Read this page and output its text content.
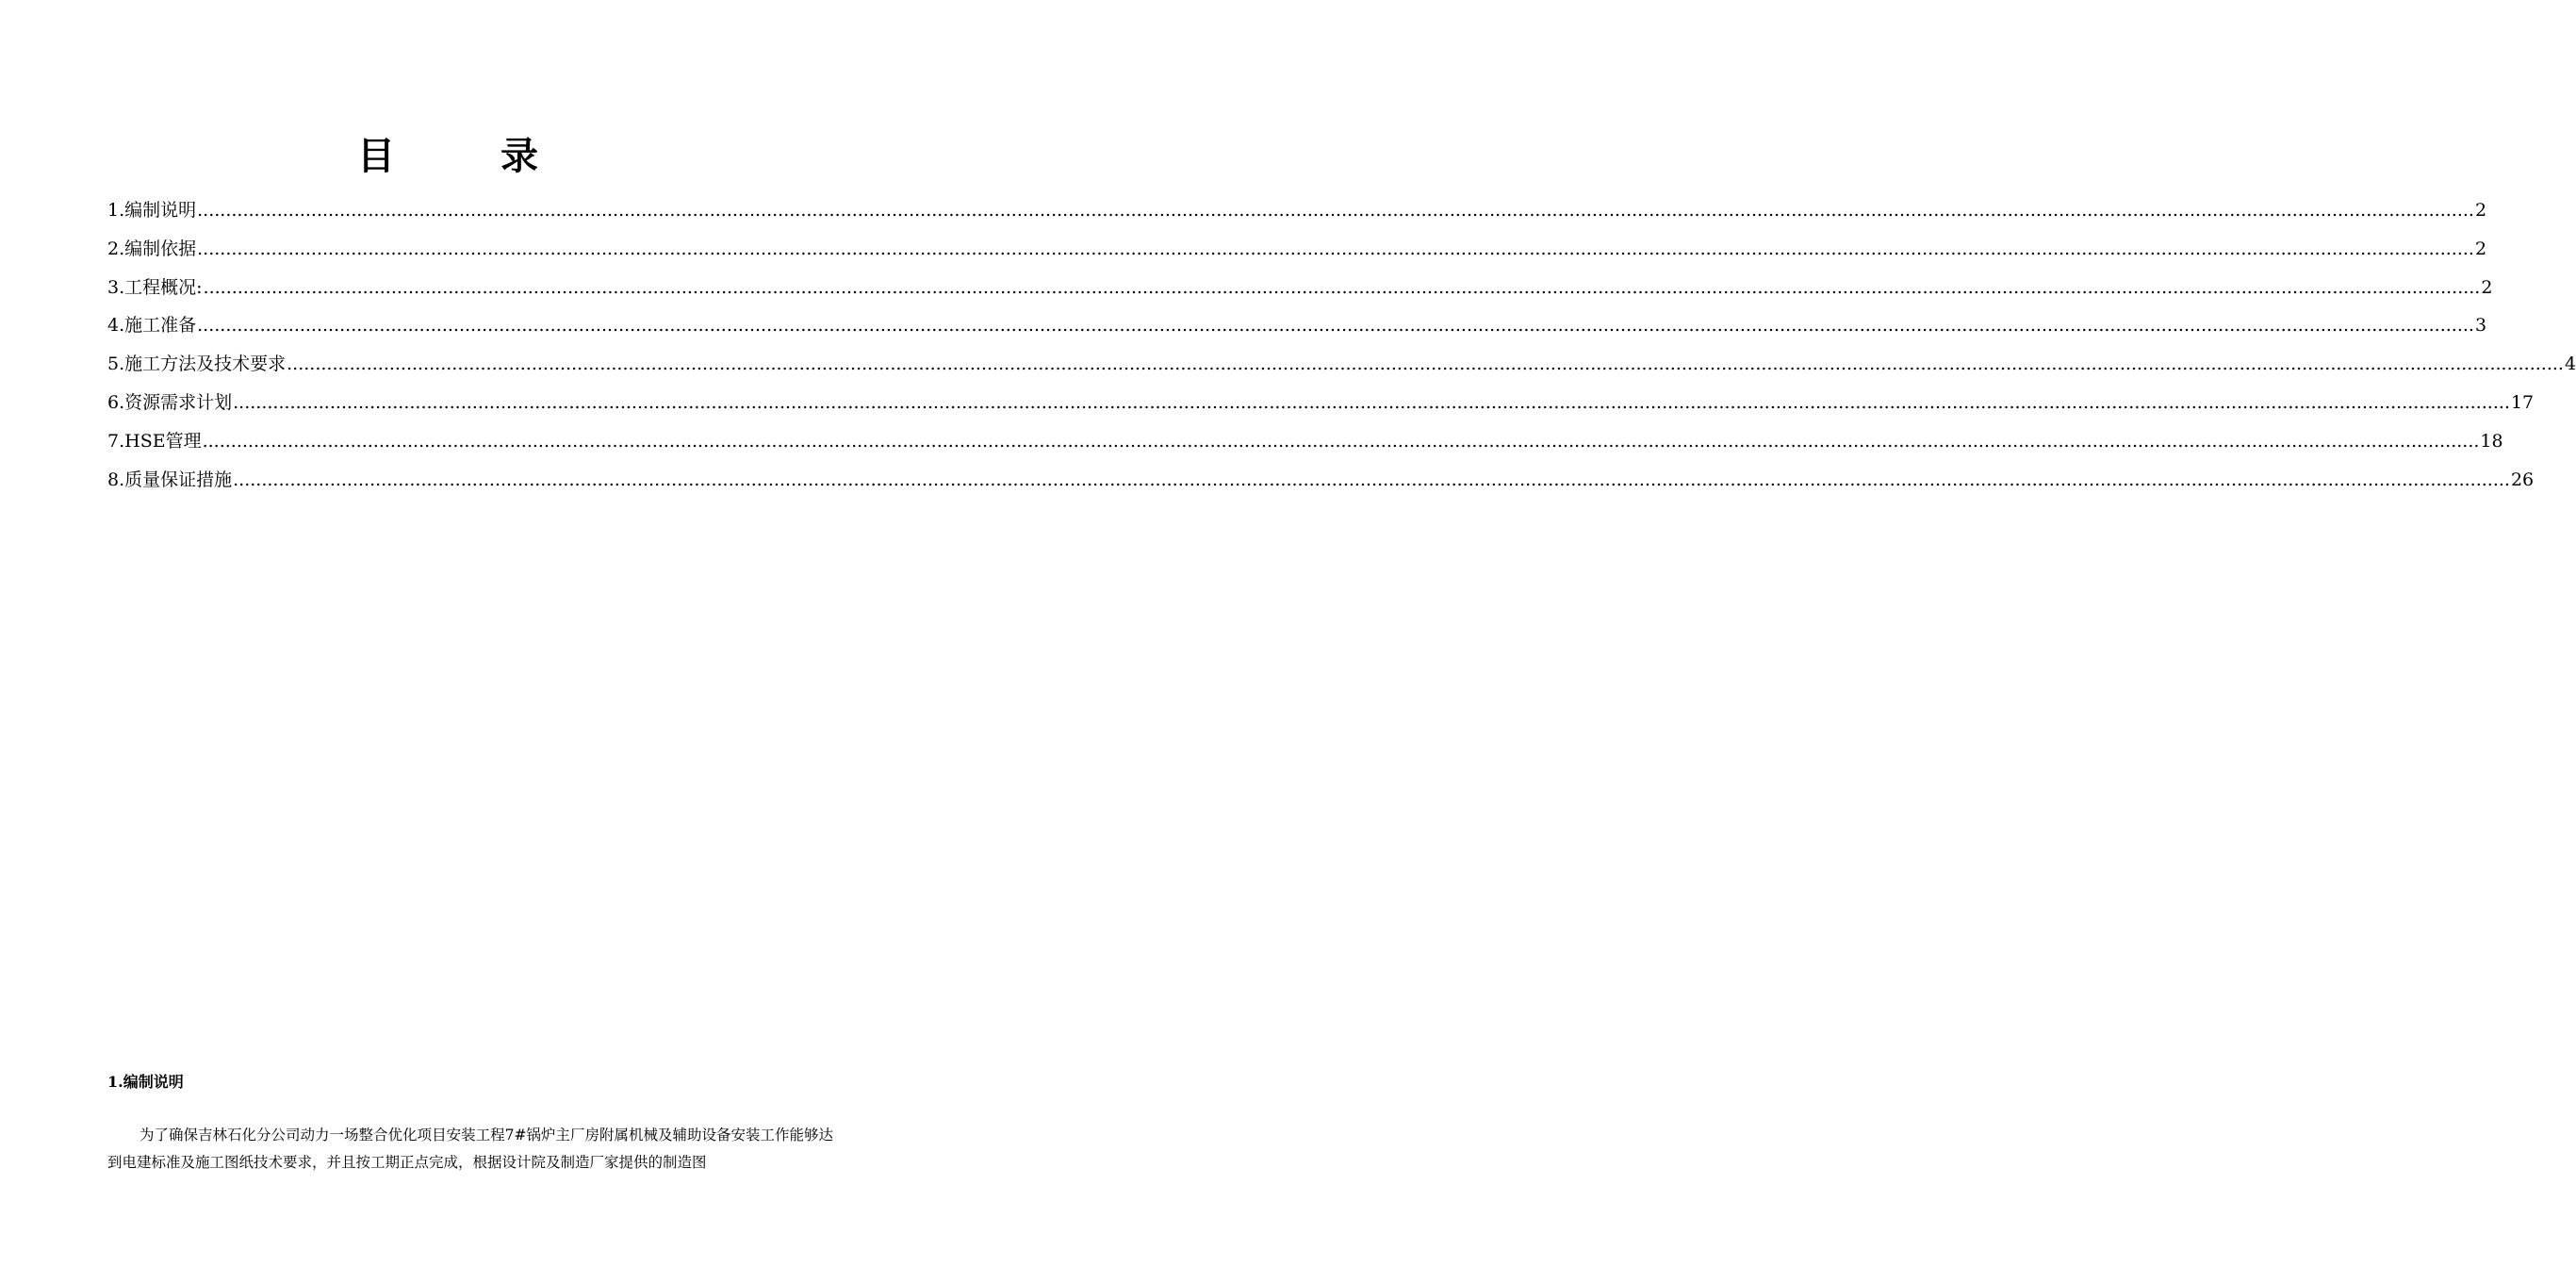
目　录
1.编制说明 ................................................................................................................................................................................................................................................................................................................................................................................................................ 2
2.编制依据 ................................................................................................................................................................................................................................................................................................................................................................................................................ 2
3.工程概况: ................................................................................................................................................................................................................................................................................................................................................................................................................ 2
4.施工准备 ................................................................................................................................................................................................................................................................................................................................................................................................................ 3
5.施工方法及技术要求 ................................................................................................................................................................................................................................................................................................................................................................................................................ 4
6.资源需求计划 ................................................................................................................................................................................................................................................................................................................................................................................................................ 17
7.HSE管理 ................................................................................................................................................................................................................................................................................................................................................................................................................ 18
8.质量保证措施 ................................................................................................................................................................................................................................................................................................................................................................................................................ 26
1.编制说明

为了确保吉林石化分公司动力一场整合优化项目安装工程7#锅炉主厂房附属机械及辅助设备安装工作能够达到电建标准及施工图纸技术要求，并且按工期正点完成，根据设计院及制造厂家提供的制造图
